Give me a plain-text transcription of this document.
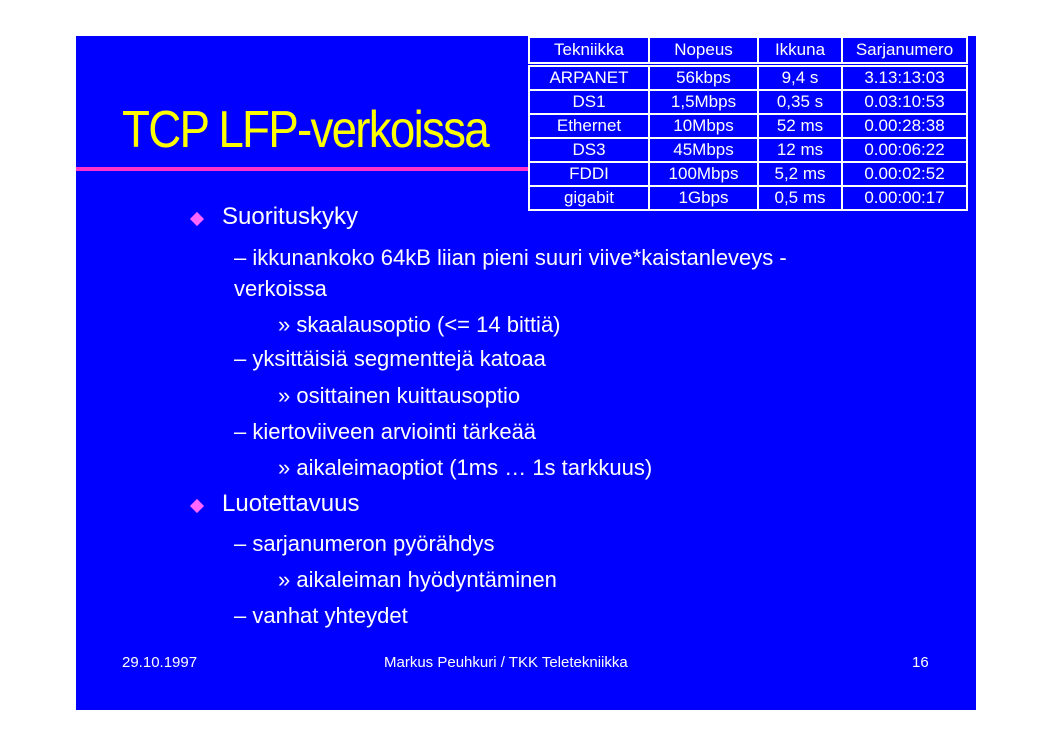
TCP LFP-verkoissa
Tekniikka	Nopeus	Ikkuna	Sarjanumero
ARPANET	56kbps	9,4 s	3.13:13:03
DS1	1,5Mbps	0,35 s	0.03:10:53
Ethernet	10Mbps	52 ms	0.00:28:38
DS3	45Mbps	12 ms	0.00:06:22
FDDI	100Mbps	5,2 ms	0.00:02:52
gigabit	1Gbps	0,5 ms	0.00:00:17
Suorituskyky
– ikkunankoko 64kB liian pieni suuri viive*kaistanleveys -
verkoissa
» skaalausoptio (<= 14 bittiä)
– yksittäisiä segmenttejä katoaa
» osittainen kuittausoptio
– kiertoviiveen arviointi tärkeää
» aikaleimaoptiot (1ms … 1s tarkkuus)
Luotettavuus
– sarjanumeron pyörähdys
» aikaleiman hyödyntäminen
– vanhat yhteydet
29.10.1997	Markus Peuhkuri / TKK Teletekniikka	16
